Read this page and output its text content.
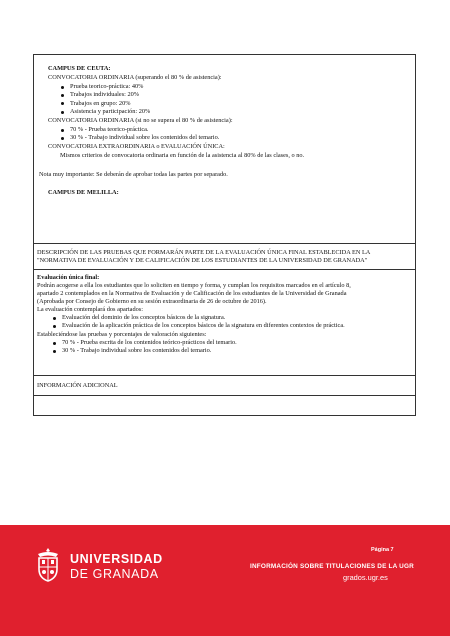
CAMPUS DE CEUTA:
CONVOCATORIA ORDINARIA (superando el 80 % de asistencia):
Prueba teorico-práctica: 40%
Trabajos individuales: 20%
Trabajos en grupo: 20%
Asistencia y participación: 20%
CONVOCATORIA ORDINARIA (si no se supera el 80 % de asistencia):
70 % - Prueba teorico-práctica.
30 % - Trabajo individual sobre los contenidos del temario.
CONVOCATORIA EXTRAORDINARIA o EVALUACIÓN ÚNICA:
Mismos criterios de convocatoria ordinaria en función de la asistencia al 80% de las clases, o no.
Nota muy importante: Se deberán de aprobar todas las partes por separado.
CAMPUS DE MELILLA:
DESCRIPCIÓN DE LAS PRUEBAS QUE FORMARÁN PARTE DE LA EVALUACIÓN ÚNICA FINAL ESTABLECIDA EN LA
"NORMATIVA DE EVALUACIÓN Y DE CALIFICACIÓN DE LOS ESTUDIANTES DE LA UNIVERSIDAD DE GRANADA"
Evaluación única final:
Podrán acogerse a ella los estudiantes que lo soliciten en tiempo y forma, y cumplan los requisitos marcados en el artículo 8,
apartado 2 contemplados en la Normativa de Evaluación y de Calificación de los estudiantes de la Universidad de Granada
(Aprobada por Consejo de Gobierno en su sesión extraordinaria de 26 de octubre de 2016).
La evaluación contemplará dos apartados:
Evaluación del dominio de los conceptos básicos de la signatura.
Evaluación de la aplicación práctica de los conceptos básicos de la signatura en diferentes contextos de práctica.
Estableciéndose las pruebas y porcentajes de valoración siguientes:
70 % - Prueba escrita de los contenidos teórico-prácticos del temario.
30 % - Trabajo individual sobre los contenidos del temario.
INFORMACIÓN ADICIONAL
UNIVERSIDAD
DE GRANADA
Página 7
INFORMACIÓN SOBRE TITULACIONES DE LA UGR
grados.ugr.es
